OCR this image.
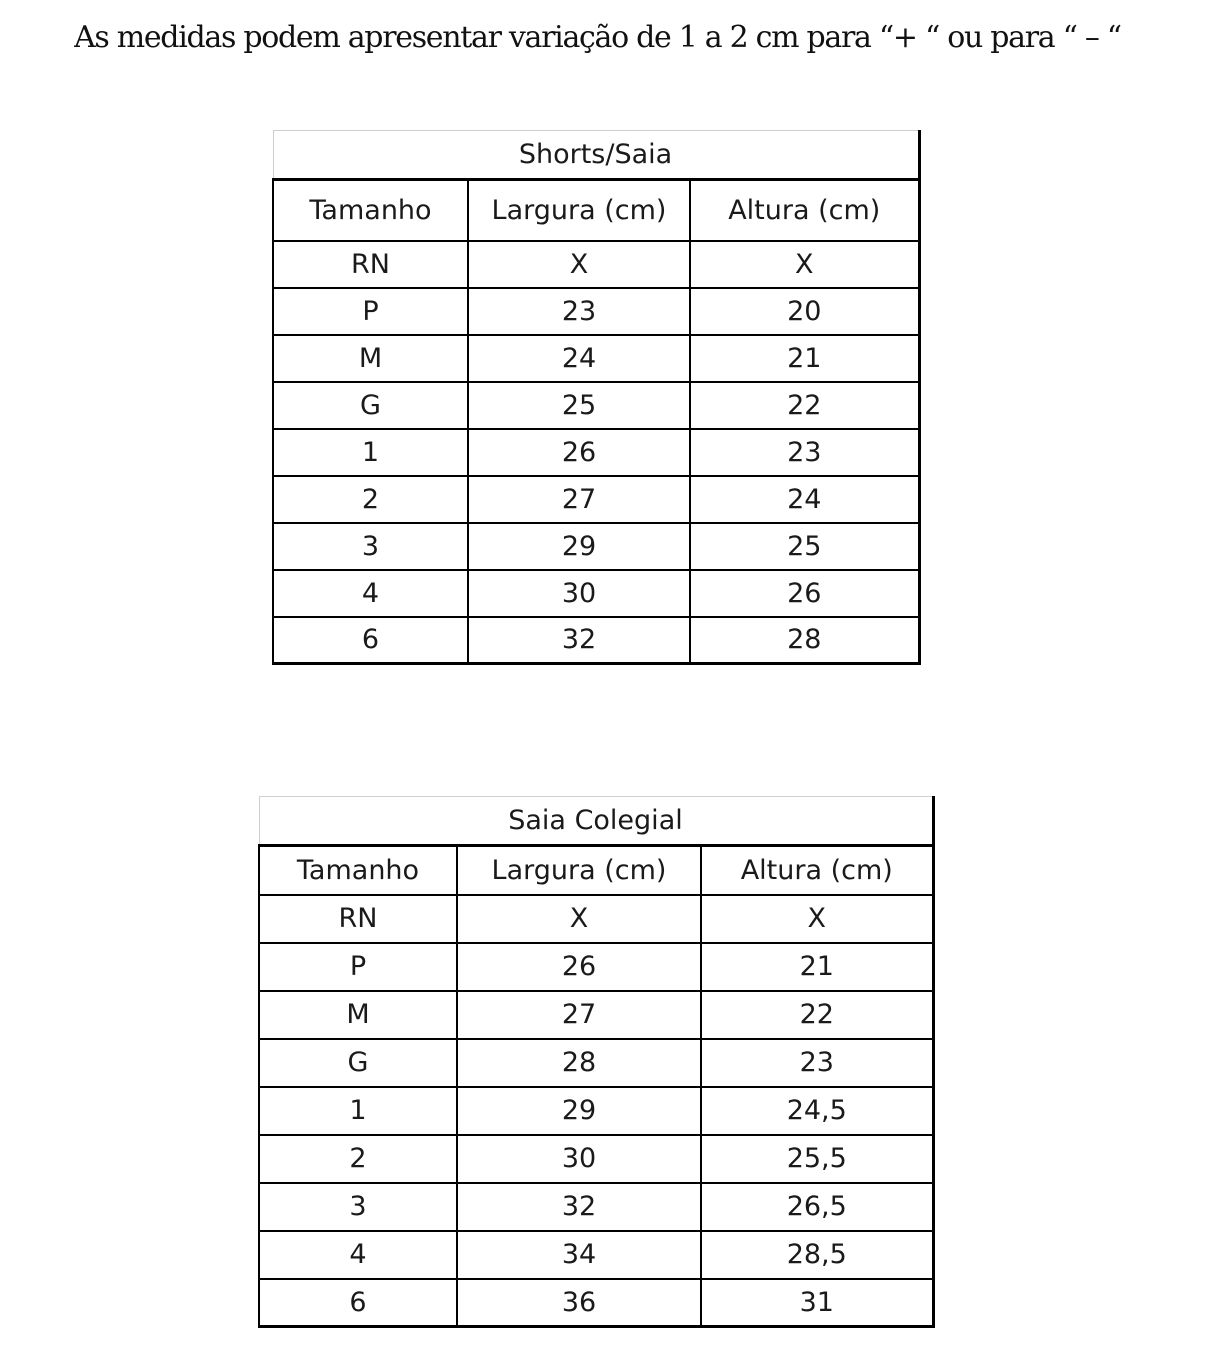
As medidas podem apresentar variação de 1 a 2 cm para “+ “ ou para “ – “
Shorts/Saia		
Tamanho	Largura (cm)	Altura (cm)
RN	X	X
P	23	20
M	24	21
G	25	22
1	26	23
2	27	24
3	29	25
4	30	26
6	32	28
Saia Colegial		
Tamanho	Largura (cm)	Altura (cm)
RN	X	X
P	26	21
M	27	22
G	28	23
1	29	24,5
2	30	25,5
3	32	26,5
4	34	28,5
6	36	31
